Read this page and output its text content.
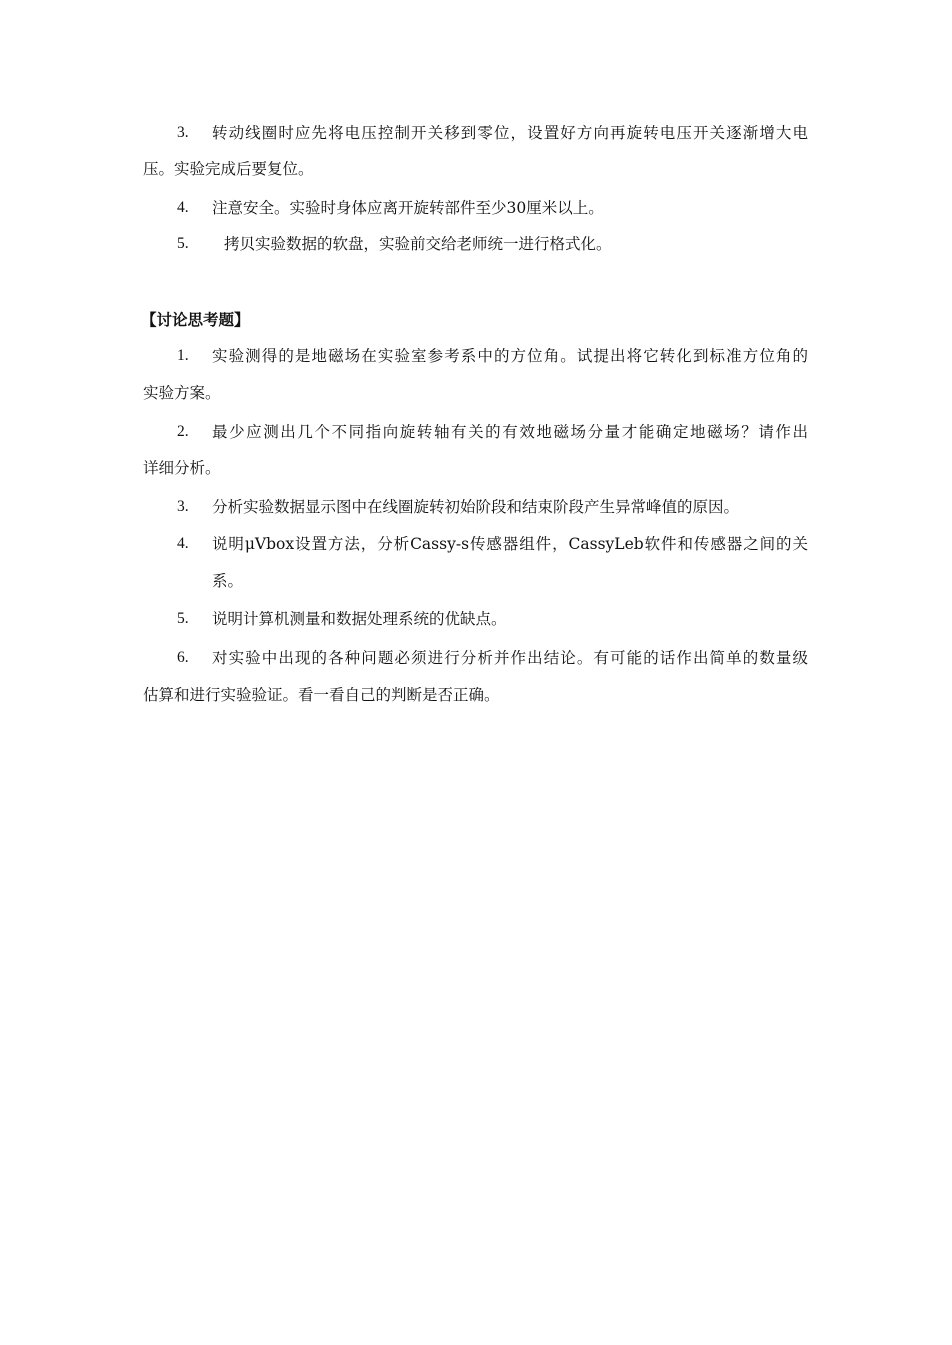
3. 转动线圈时应先将电压控制开关移到零位，设置好方向再旋转电压开关逐渐增大电
压。实验完成后要复位。
4. 注意安全。实验时身体应离开旋转部件至少30厘米以上。
5. 拷贝实验数据的软盘，实验前交给老师统一进行格式化。
【讨论思考题】
1. 实验测得的是地磁场在实验室参考系中的方位角。试提出将它转化到标准方位角的
实验方案。
2. 最少应测出几个不同指向旋转轴有关的有效地磁场分量才能确定地磁场？请作出
详细分析。
3. 分析实验数据显示图中在线圈旋转初始阶段和结束阶段产生异常峰值的原因。
4. 说明μVbox设置方法，分析Cassy-s传感器组件，CassyLeb软件和传感器之间的关
系。
5. 说明计算机测量和数据处理系统的优缺点。
6. 对实验中出现的各种问题必须进行分析并作出结论。有可能的话作出简单的数量级
估算和进行实验验证。看一看自己的判断是否正确。
